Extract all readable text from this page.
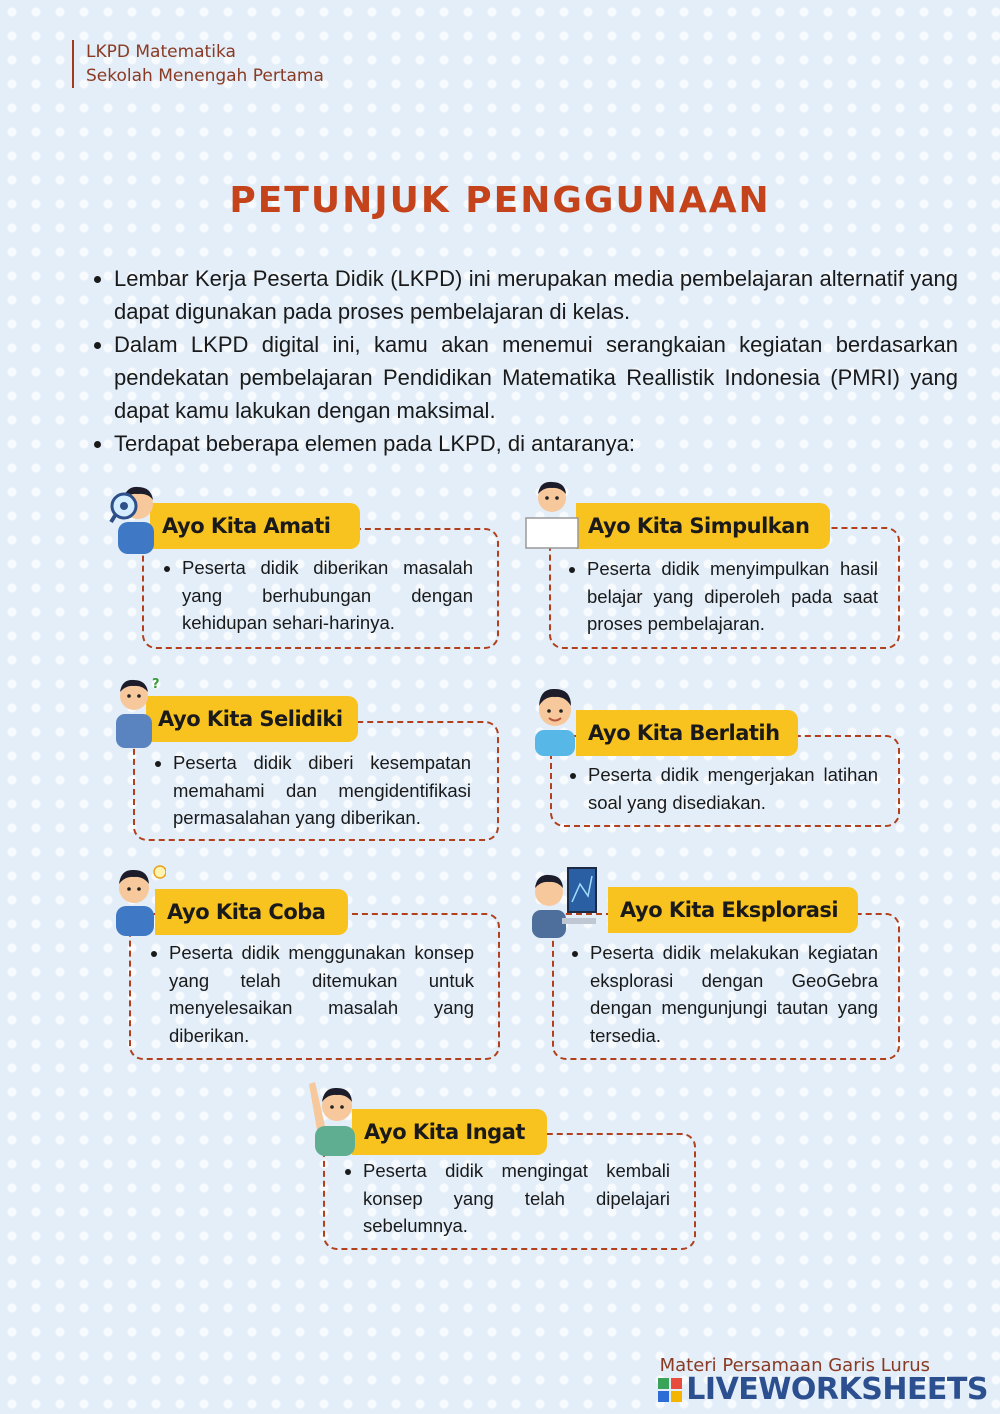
LKPD Matematika
Sekolah Menengah Pertama
PETUNJUK PENGGUNAAN
• Lembar Kerja Peserta Didik (LKPD) ini merupakan media pembelajaran alternatif yang dapat digunakan pada proses pembelajaran di kelas.
• Dalam LKPD digital ini, kamu akan menemui serangkaian kegiatan berdasarkan pendekatan pembelajaran Pendidikan Matematika Reallistik Indonesia (PMRI) yang dapat kamu lakukan dengan maksimal.
• Terdapat beberapa elemen pada LKPD, di antaranya:
• Peserta didik diberikan masalah yang berhubungan dengan kehidupan sehari-harinya.
Ayo Kita Amati
• Peserta didik menyimpulkan hasil belajar yang diperoleh pada saat proses pembelajaran.
Ayo Kita Simpulkan
• Peserta didik diberi kesempatan memahami dan mengidentifikasi permasalahan yang diberikan.
Ayo Kita Selidiki
?
• Peserta didik mengerjakan latihan soal yang disediakan.
Ayo Kita Berlatih
• Peserta didik menggunakan konsep yang telah ditemukan untuk menyelesaikan masalah yang diberikan.
Ayo Kita Coba
• Peserta didik melakukan kegiatan eksplorasi dengan GeoGebra dengan mengunjungi tautan yang tersedia.
Ayo Kita Eksplorasi
• Peserta didik mengingat kembali konsep yang telah dipelajari sebelumnya.
Ayo Kita Ingat
Materi Persamaan Garis Lurus
LIVEWORKSHEETS
